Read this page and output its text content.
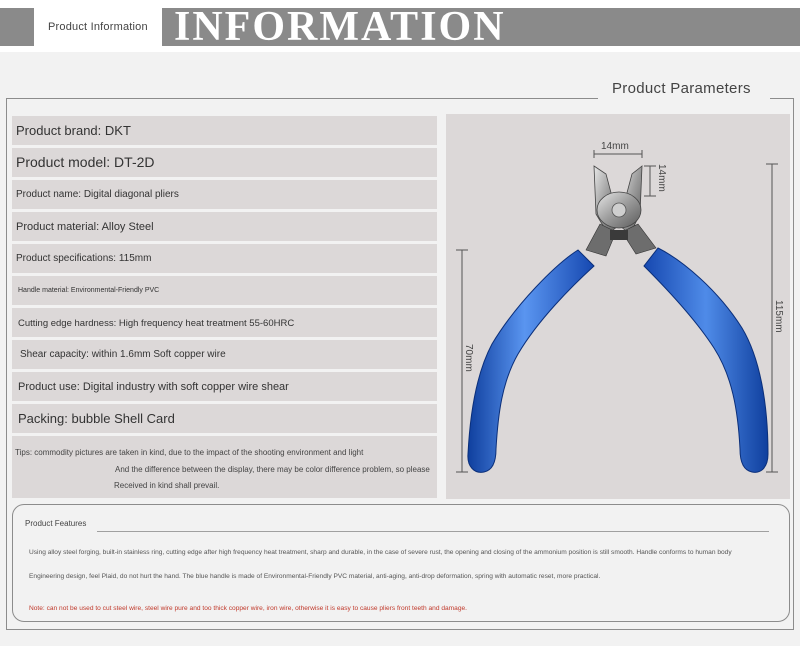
Product Information INFORMATION
Product Parameters
Product brand: DKT
Product model: DT-2D
Product name: Digital diagonal pliers
Product material: Alloy Steel
Product specifications: 115mm
Handle material: Environmental-Friendly PVC
Cutting edge hardness: High frequency heat treatment 55-60HRC
Shear capacity: within 1.6mm Soft copper wire
Product use: Digital industry with soft copper wire shear
Packing: bubble Shell Card
Tips: commodity pictures are taken in kind, due to the impact of the shooting environment and light
And the difference between the display, there may be color difference problem, so please
Received in kind shall prevail.
14mm
14mm
70mm
115mm
Product Features
Using alloy steel forging, built-in stainless ring, cutting edge after high frequency heat treatment, sharp and durable, in the case of severe rust, the opening and closing of the ammonium position is still smooth. Handle conforms to human body
Engineering design, feel Plaid, do not hurt the hand. The blue handle is made of Environmental-Friendly PVC material, anti-aging, anti-drop deformation, spring with automatic reset, more practical.
Note: can not be used to cut steel wire, steel wire pure and too thick copper wire, iron wire, otherwise it is easy to cause pliers front teeth and damage.
